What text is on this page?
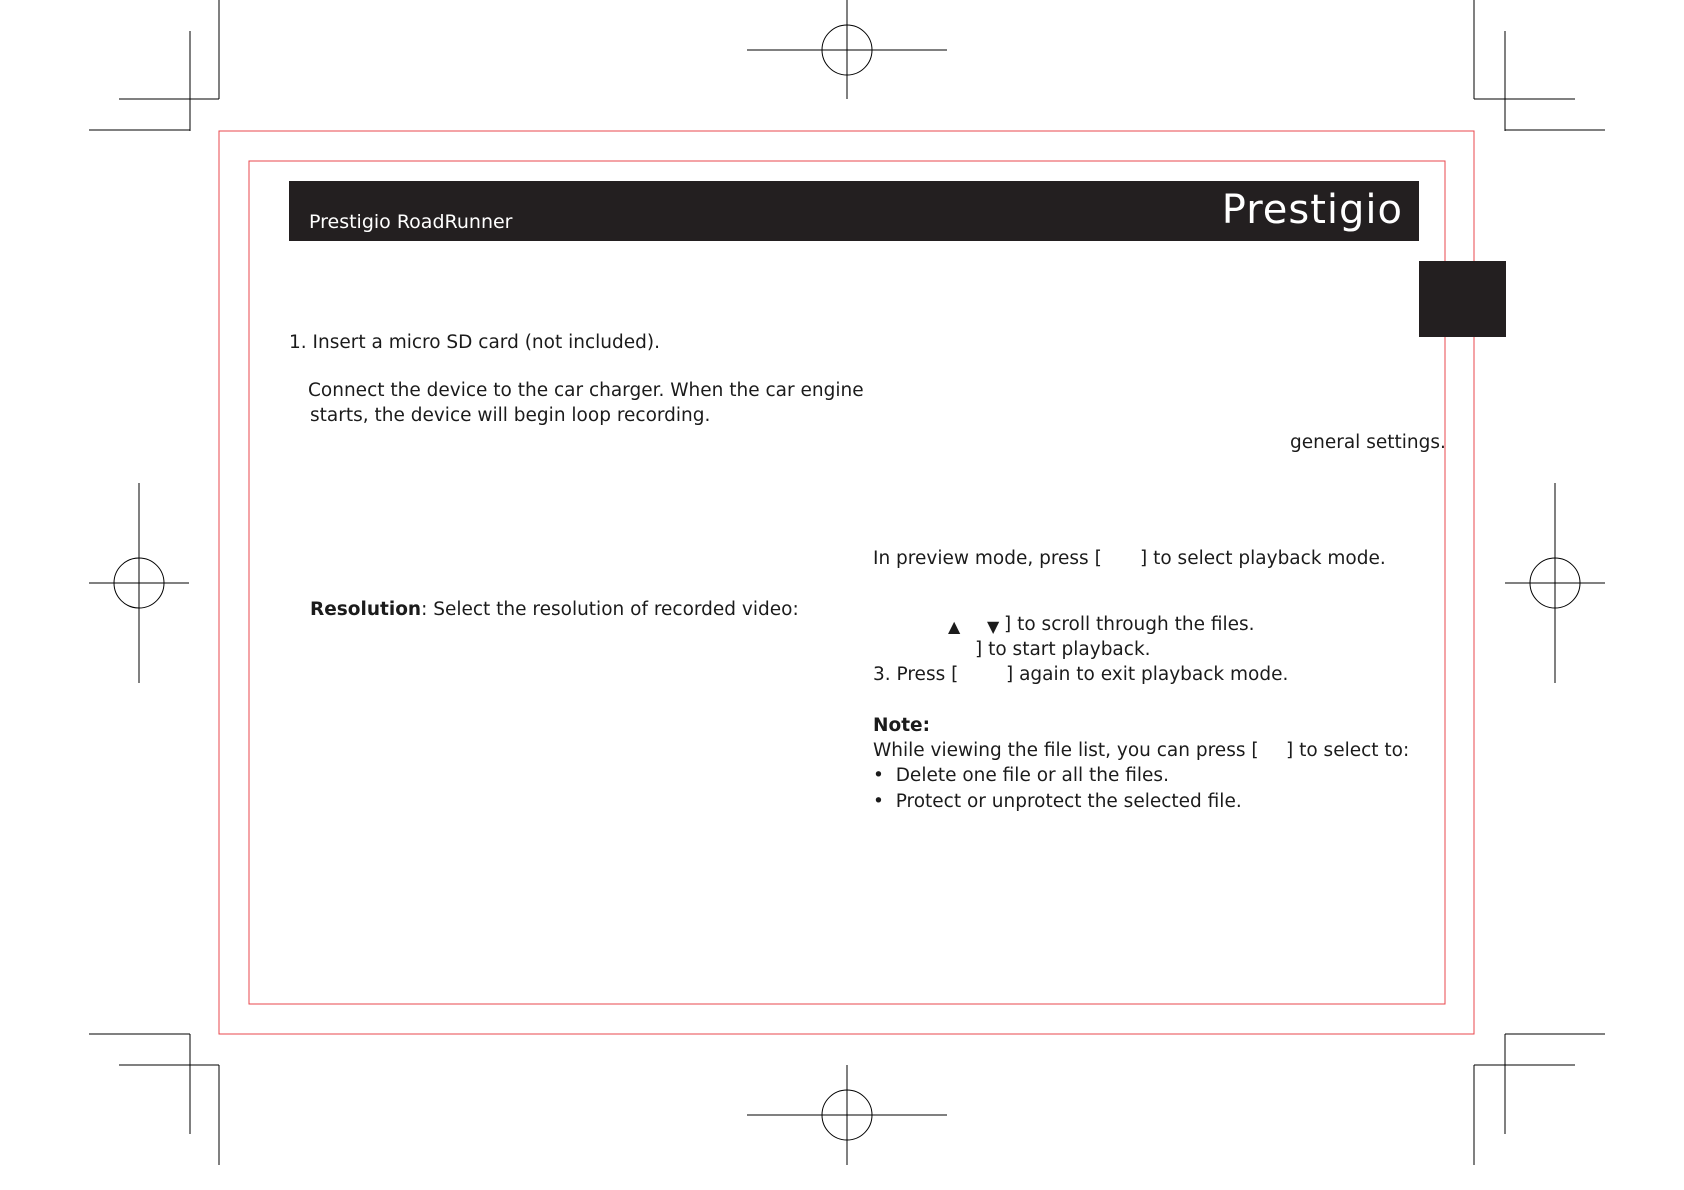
Prestigio RoadRunner	Prestigio
1. Insert a micro SD card (not included).
Connect the device to the car charger. When the car engine
starts, the device will begin loop recording.
Resolution: Select the resolution of recorded video:
general settings.
In preview mode, press [ ] to select playback mode.
▲ ▼ ] to scroll through the files.
] to start playback.
3. Press [	] again to exit playback mode.
Note:
While viewing the file list, you can press [ ] to select to:
• Delete one file or all the files.
• Protect or unprotect the selected file.
